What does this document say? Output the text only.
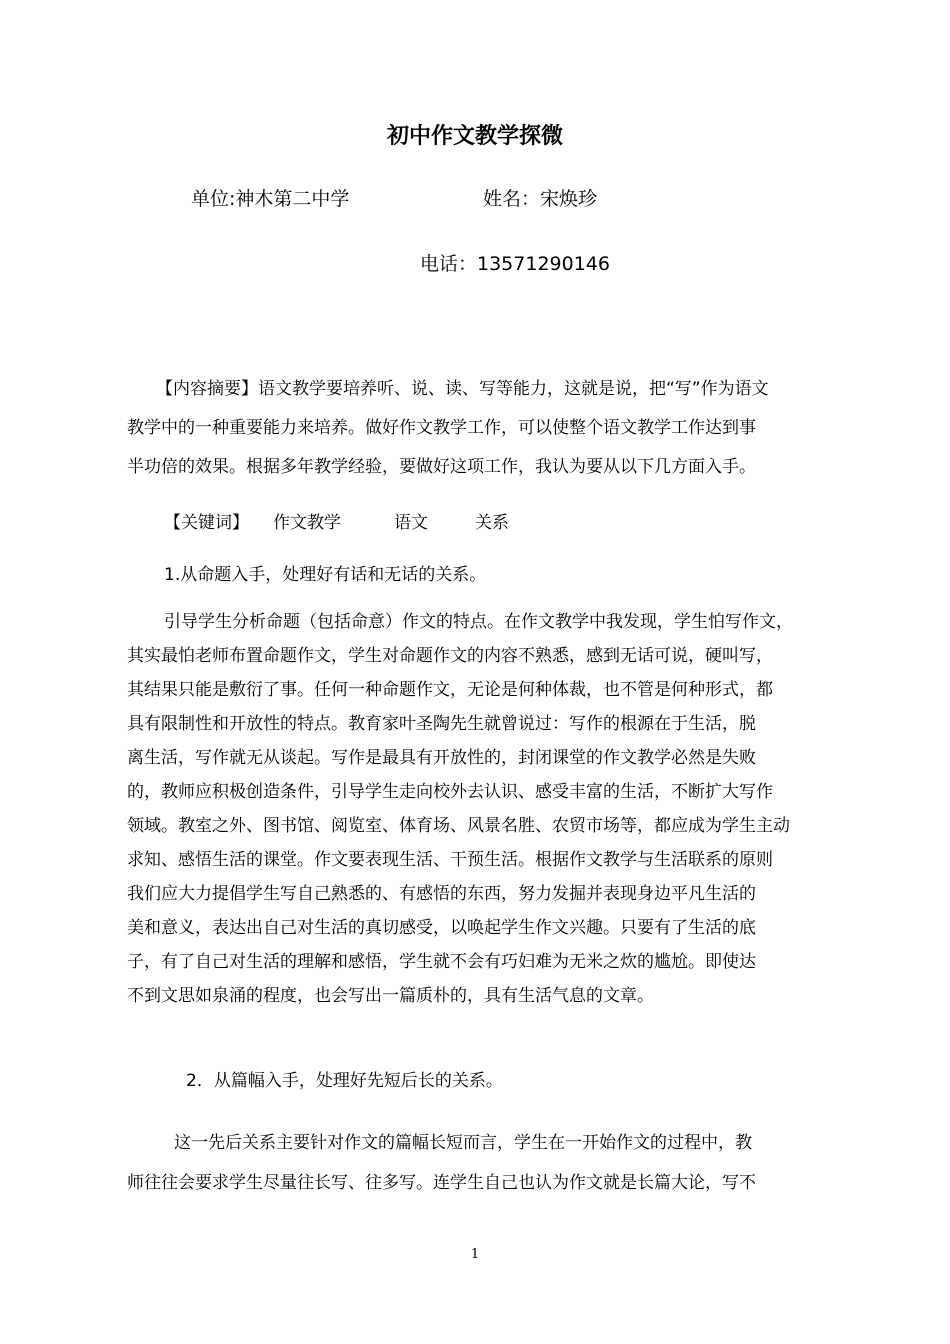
初中作文教学探微
单位:神木第二中学	姓名：宋焕珍
电话：13571290146
【内容摘要】语文教学要培养听、说、读、写等能力，这就是说，把“写”作为语文
教学中的一种重要能力来培养。做好作文教学工作，可以使整个语文教学工作达到事
半功倍的效果。根据多年教学经验，要做好这项工作，我认为要从以下几方面入手。
【关键词】 作文教学	语文	关系
1.从命题入手，处理好有话和无话的关系。
引导学生分析命题（包括命意）作文的特点。在作文教学中我发现，学生怕写作文，
其实最怕老师布置命题作文，学生对命题作文的内容不熟悉，感到无话可说，硬叫写，
其结果只能是敷衍了事。任何一种命题作文，无论是何种体裁，也不管是何种形式，都
具有限制性和开放性的特点。教育家叶圣陶先生就曾说过：写作的根源在于生活，脱
离生活，写作就无从谈起。写作是最具有开放性的，封闭课堂的作文教学必然是失败
的，教师应积极创造条件，引导学生走向校外去认识、感受丰富的生活，不断扩大写作
领域。教室之外、图书馆、阅览室、体育场、风景名胜、农贸市场等，都应成为学生主动
求知、感悟生活的课堂。作文要表现生活、干预生活。根据作文教学与生活联系的原则
我们应大力提倡学生写自己熟悉的、有感悟的东西，努力发掘并表现身边平凡生活的
美和意义，表达出自己对生活的真切感受，以唤起学生作文兴趣。只要有了生活的底
子，有了自己对生活的理解和感悟，学生就不会有巧妇难为无米之炊的尴尬。即使达
不到文思如泉涌的程度，也会写出一篇质朴的，具有生活气息的文章。
2．从篇幅入手，处理好先短后长的关系。
这一先后关系主要针对作文的篇幅长短而言，学生在一开始作文的过程中，教
师往往会要求学生尽量往长写、往多写。连学生自己也认为作文就是长篇大论，写不
1
